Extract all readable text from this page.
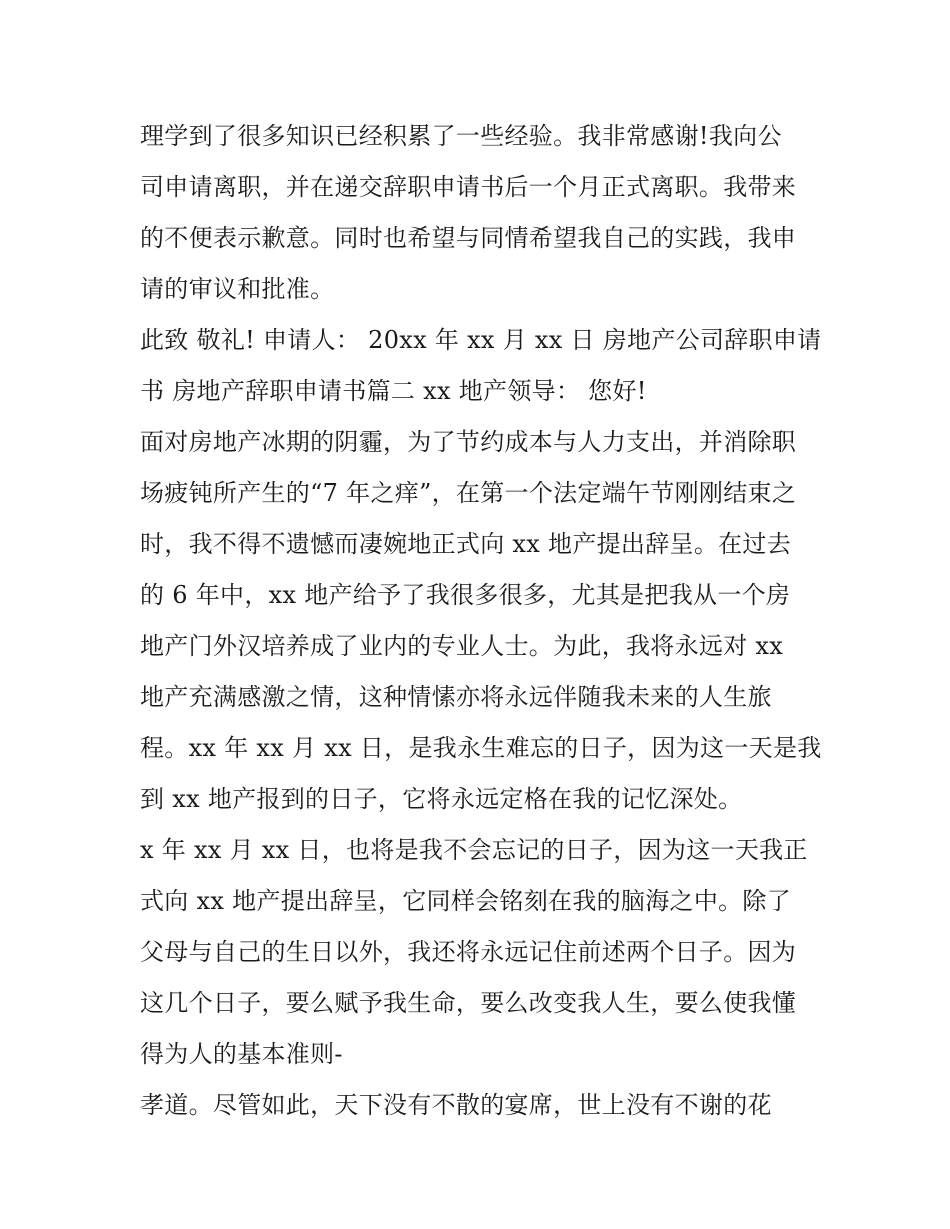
理学到了很多知识已经积累了一些经验。我非常感谢!我向公
司申请离职，并在递交辞职申请书后一个月正式离职。我带来
的不便表示歉意。同时也希望与同情希望我自己的实践，我申
请的审议和批准。
此致 敬礼! 申请人： 20xx 年 xx 月 xx 日 房地产公司辞职申请
书 房地产辞职申请书篇二 xx 地产领导： 您好!
面对房地产冰期的阴霾，为了节约成本与人力支出，并消除职
场疲钝所产生的“7 年之痒”，在第一个法定端午节刚刚结束之
时，我不得不遗憾而凄婉地正式向 xx 地产提出辞呈。在过去
的 6 年中，xx 地产给予了我很多很多，尤其是把我从一个房
地产门外汉培养成了业内的专业人士。为此，我将永远对 xx
地产充满感激之情，这种情愫亦将永远伴随我未来的人生旅
程。xx 年 xx 月 xx 日，是我永生难忘的日子，因为这一天是我
到 xx 地产报到的日子，它将永远定格在我的记忆深处。
x 年 xx 月 xx 日，也将是我不会忘记的日子，因为这一天我正
式向 xx 地产提出辞呈，它同样会铭刻在我的脑海之中。除了
父母与自己的生日以外，我还将永远记住前述两个日子。因为
这几个日子，要么赋予我生命，要么改变我人生，要么使我懂
得为人的基本准则-
孝道。尽管如此，天下没有不散的宴席，世上没有不谢的花
